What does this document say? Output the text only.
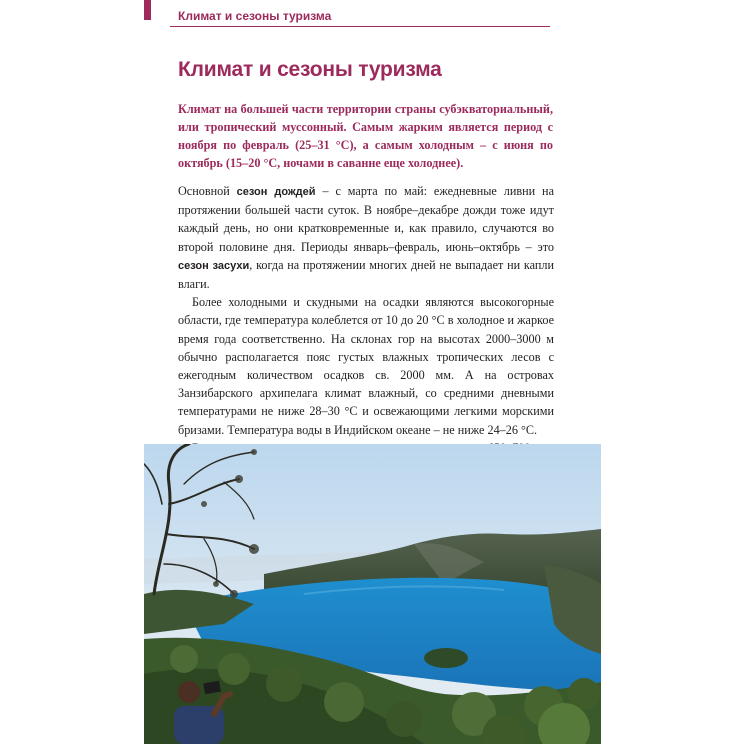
Климат и сезоны туризма
Климат и сезоны туризма

Климат на большей части территории страны субэкваториальный, или тропический муссонный. Самым жарким является период с ноября по февраль (25–31 °C), а самым холодным – с июня по октябрь (15–20 °C, ночами в саванне еще холоднее).

Основной сезон дождей – с марта по май: ежедневные ливни на протяжении большей части суток. В ноябре–декабре дожди тоже идут каждый день, но они кратковременные и, как правило, случаются во второй половине дня. Периоды январь–февраль, июнь–октябрь – это сезон засухи, когда на протяжении многих дней не выпадает ни капли влаги.

Более холодными и скудными на осадки являются высокогорные области, где температура колеблется от 10 до 20 °C в холодное и жаркое время года соответственно. На склонах гор на высотах 2000–3000 м обычно располагается пояс густых влажных тропических лесов с ежегодным количеством осадков св. 2000 мм. А на островах Занзибарского архипелага климат влажный, со средними дневными температурами не ниже 28–30 °C и освежающими легкими морскими бризами. Температура воды в Индийском океане – не ниже 24–26 °C.
